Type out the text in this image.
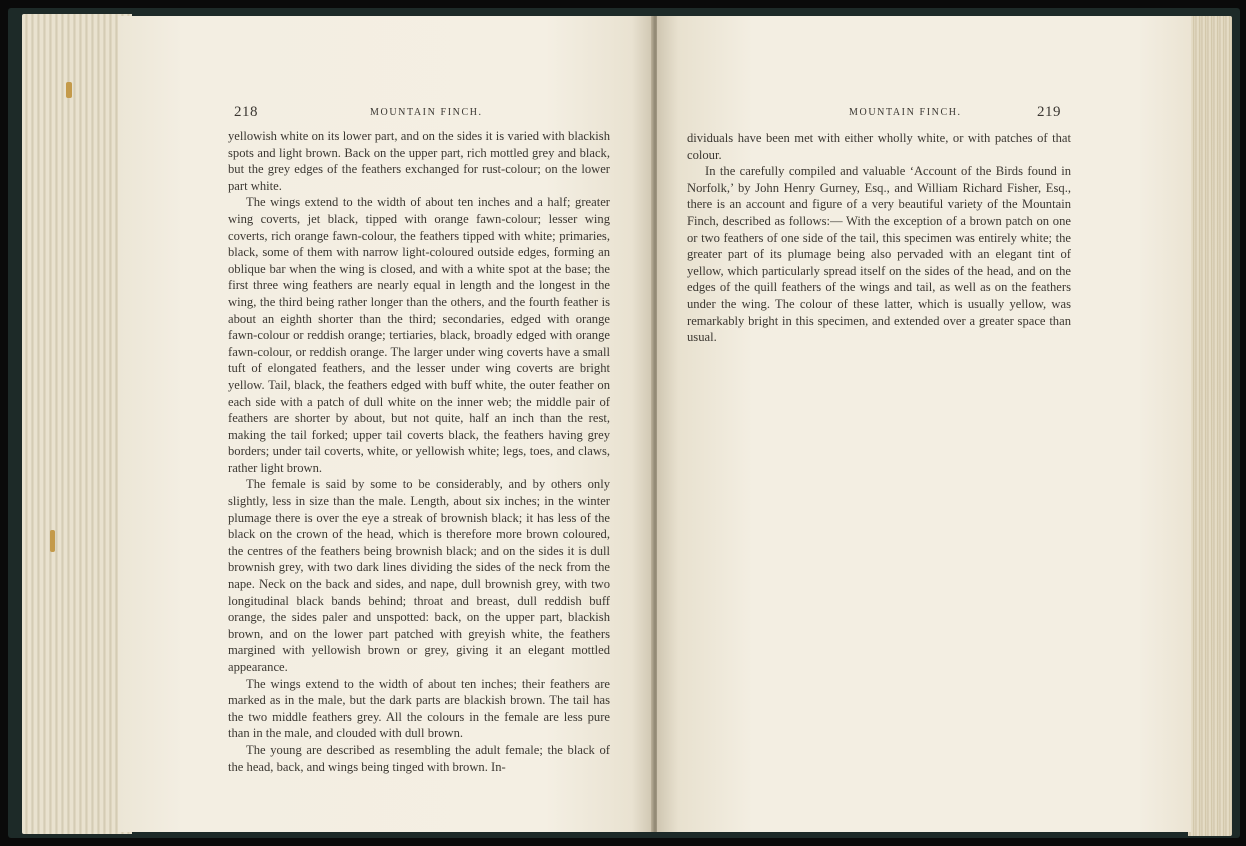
218	MOUNTAIN FINCH.

yellowish white on its lower part, and on the sides it is varied with blackish spots and light brown. Back on the upper part, rich mottled grey and black, but the grey edges of the feathers exchanged for rust-colour; on the lower part white.

The wings extend to the width of about ten inches and a half; greater wing coverts, jet black, tipped with orange fawn-colour; lesser wing coverts, rich orange fawn-colour, the feathers tipped with white; primaries, black, some of them with narrow light-coloured outside edges, forming an oblique bar when the wing is closed, and with a white spot at the base; the first three wing feathers are nearly equal in length and the longest in the wing, the third being rather longer than the others, and the fourth feather is about an eighth shorter than the third; secondaries, edged with orange fawn-colour or reddish orange; tertiaries, black, broadly edged with orange fawn-colour, or reddish orange. The larger under wing coverts have a small tuft of elongated feathers, and the lesser under wing coverts are bright yellow. Tail, black, the feathers edged with buff white, the outer feather on each side with a patch of dull white on the inner web; the middle pair of feathers are shorter by about, but not quite, half an inch than the rest, making the tail forked; upper tail coverts black, the feathers having grey borders; under tail coverts, white, or yellowish white; legs, toes, and claws, rather light brown.

The female is said by some to be considerably, and by others only slightly, less in size than the male. Length, about six inches; in the winter plumage there is over the eye a streak of brownish black; it has less of the black on the crown of the head, which is therefore more brown coloured, the centres of the feathers being brownish black; and on the sides it is dull brownish grey, with two dark lines dividing the sides of the neck from the nape. Neck on the back and sides, and nape, dull brownish grey, with two longitudinal black bands behind; throat and breast, dull reddish buff orange, the sides paler and unspotted: back, on the upper part, blackish brown, and on the lower part patched with greyish white, the feathers margined with yellowish brown or grey, giving it an elegant mottled appearance.

The wings extend to the width of about ten inches; their feathers are marked as in the male, but the dark parts are blackish brown. The tail has the two middle feathers grey. All the colours in the female are less pure than in the male, and clouded with dull brown.

The young are described as resembling the adult female; the black of the head, back, and wings being tinged with brown. In-

MOUNTAIN FINCH.	219

dividuals have been met with either wholly white, or with patches of that colour.

In the carefully compiled and valuable ‘Account of the Birds found in Norfolk,’ by John Henry Gurney, Esq., and William Richard Fisher, Esq., there is an account and figure of a very beautiful variety of the Mountain Finch, described as follows:— With the exception of a brown patch on one or two feathers of one side of the tail, this specimen was entirely white; the greater part of its plumage being also pervaded with an elegant tint of yellow, which particularly spread itself on the sides of the head, and on the edges of the quill feathers of the wings and tail, as well as on the feathers under the wing. The colour of these latter, which is usually yellow, was remarkably bright in this specimen, and extended over a greater space than usual.
